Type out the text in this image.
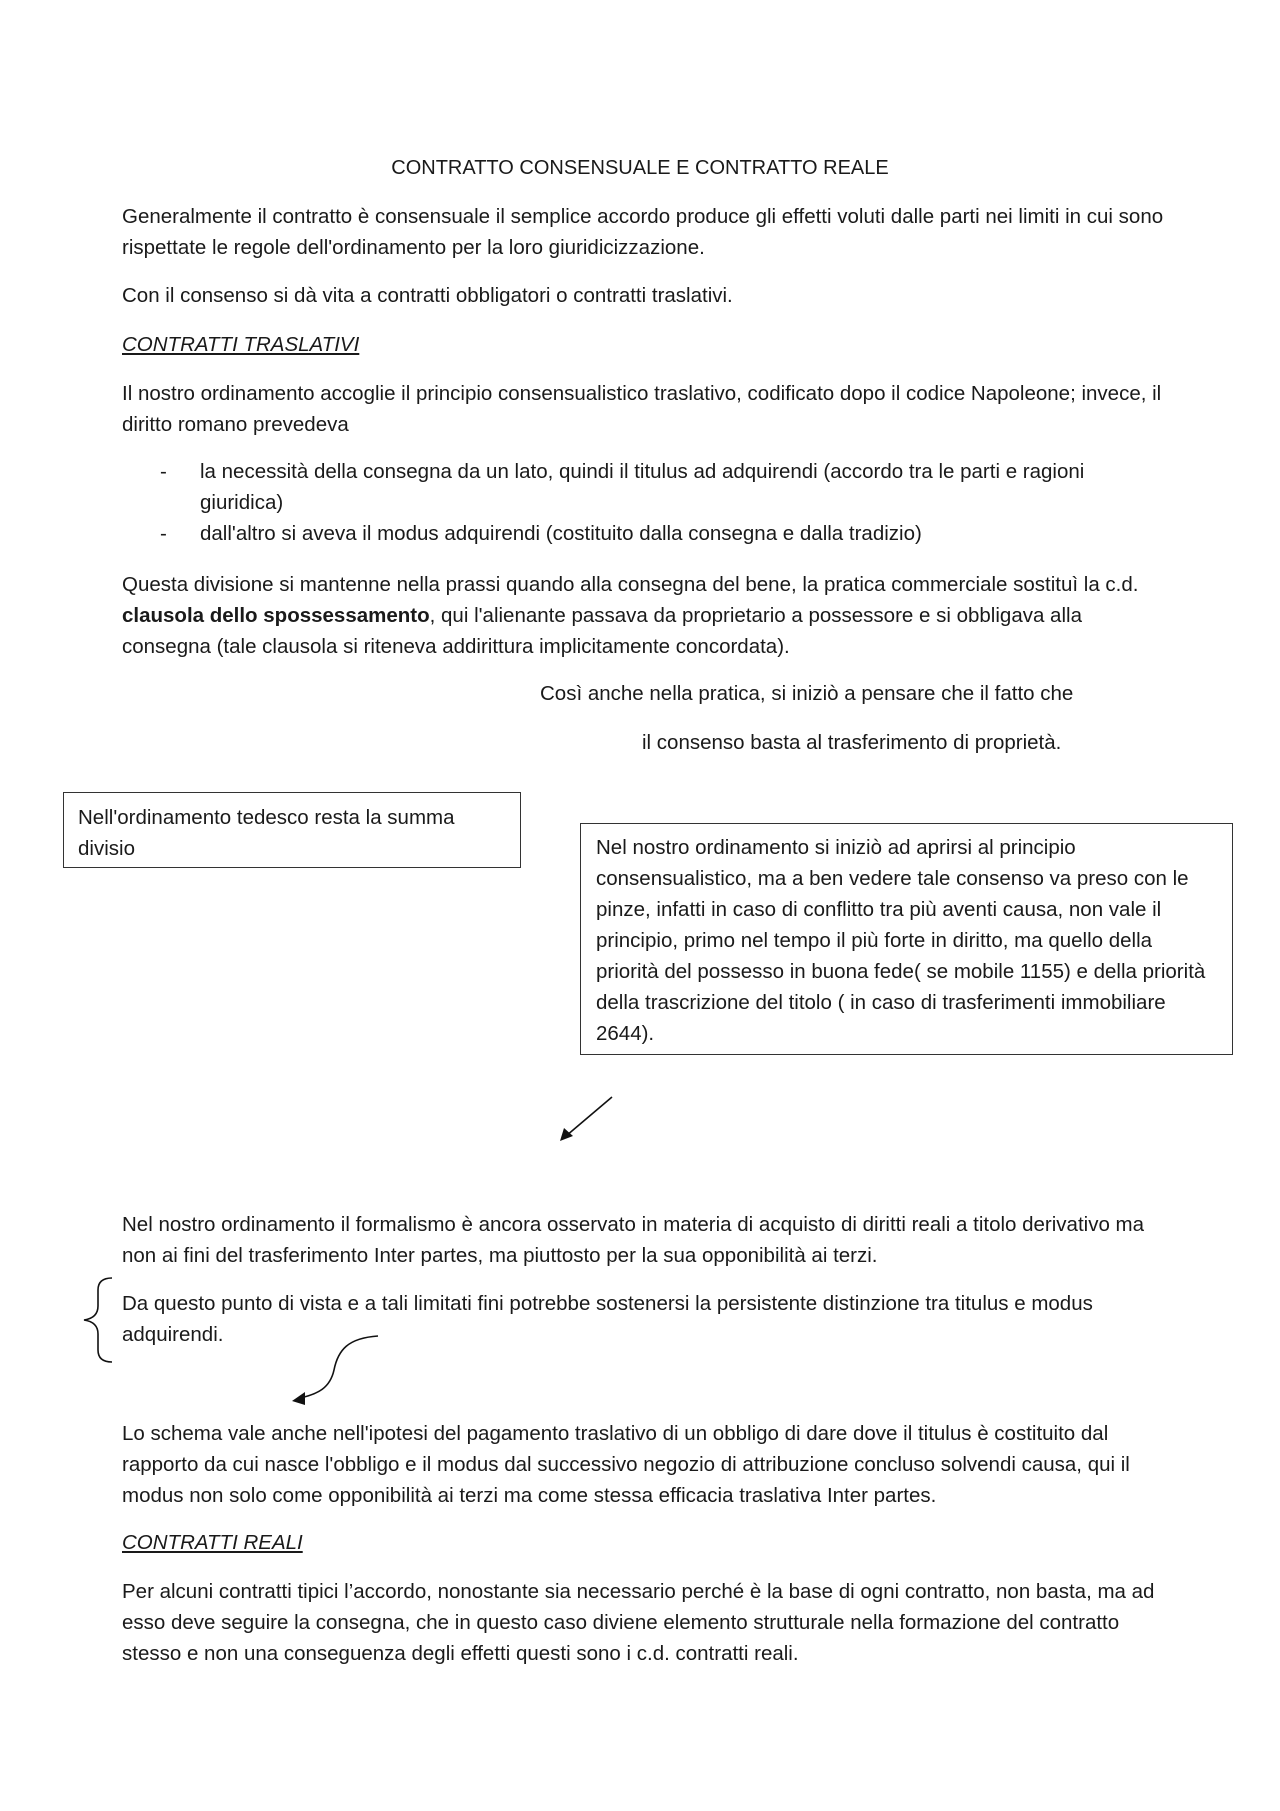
CONTRATTO CONSENSUALE E CONTRATTO REALE

Generalmente il contratto è consensuale il semplice accordo produce gli effetti voluti dalle parti nei limiti in cui sono rispettate le regole dell'ordinamento per la loro giuridicizzazione.

Con il consenso si dà vita a contratti obbligatori o contratti traslativi.

CONTRATTI TRASLATIVI

Il nostro ordinamento accoglie il principio consensualistico traslativo, codificato dopo il codice Napoleone; invece, il diritto romano prevedeva

- la necessità della consegna da un lato, quindi il titulus ad adquirendi (accordo tra le parti e ragioni giuridica)
- dall'altro si aveva il modus adquirendi (costituito dalla consegna e dalla tradizio)

Questa divisione si mantenne nella prassi quando alla consegna del bene, la pratica commerciale sostituì la c.d. clausola dello spossessamento, qui l'alienante passava da proprietario a possessore e si obbligava alla consegna (tale clausola si riteneva addirittura implicitamente concordata).

Così anche nella pratica, si iniziò a pensare che il fatto che

il consenso basta al trasferimento di proprietà.

Nell'ordinamento tedesco resta la summa divisio	Nel nostro ordinamento si iniziò ad aprirsi al principio consensualistico, ma a ben vedere tale consenso va preso con le pinze, infatti in caso di conflitto tra più aventi causa, non vale il principio, primo nel tempo il più forte in diritto, ma quello della priorità del possesso in buona fede( se mobile 1155) e della priorità della trascrizione del titolo ( in caso di trasferimenti immobiliare 2644).

Nel nostro ordinamento il formalismo è ancora osservato in materia di acquisto di diritti reali a titolo derivativo ma non ai fini del trasferimento Inter partes, ma piuttosto per la sua opponibilità ai terzi.

Da questo punto di vista e a tali limitati fini potrebbe sostenersi la persistente distinzione tra titulus e modus adquirendi.

Lo schema vale anche nell'ipotesi del pagamento traslativo di un obbligo di dare dove il titulus è costituito dal rapporto da cui nasce l'obbligo e il modus dal successivo negozio di attribuzione concluso solvendi causa, qui il modus non solo come opponibilità ai terzi ma come stessa efficacia traslativa Inter partes.

CONTRATTI REALI

Per alcuni contratti tipici l’accordo, nonostante sia necessario perché è la base di ogni contratto, non basta, ma ad esso deve seguire la consegna, che in questo caso diviene elemento strutturale nella formazione del contratto stesso e non una conseguenza degli effetti questi sono i c.d. contratti reali.
